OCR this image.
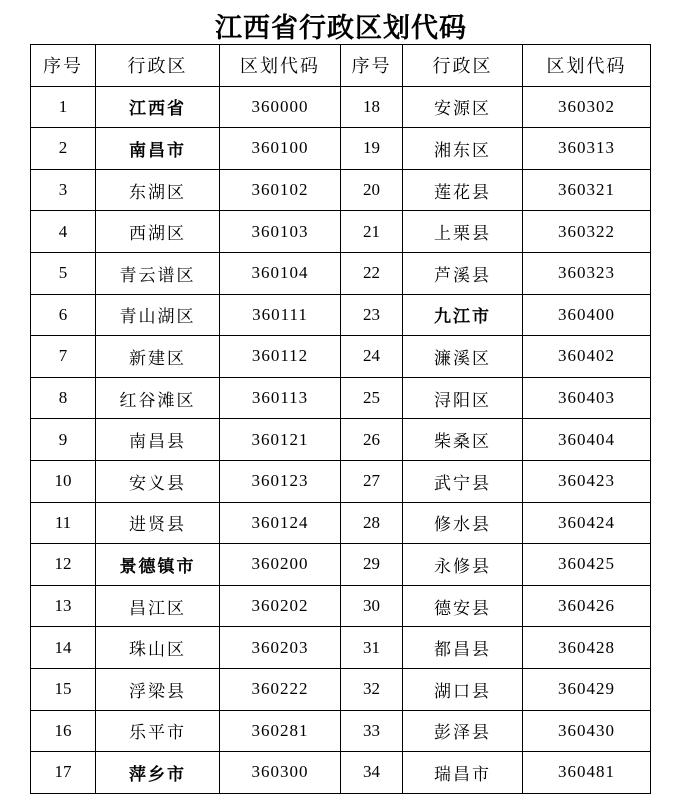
江西省行政区划代码
序号	行政区	区划代码	序号	行政区	区划代码
1	江西省	360000	18	安源区	360302
2	南昌市	360100	19	湘东区	360313
3	东湖区	360102	20	莲花县	360321
4	西湖区	360103	21	上栗县	360322
5	青云谱区	360104	22	芦溪县	360323
6	青山湖区	360111	23	九江市	360400
7	新建区	360112	24	濂溪区	360402
8	红谷滩区	360113	25	浔阳区	360403
9	南昌县	360121	26	柴桑区	360404
10	安义县	360123	27	武宁县	360423
11	进贤县	360124	28	修水县	360424
12	景德镇市	360200	29	永修县	360425
13	昌江区	360202	30	德安县	360426
14	珠山区	360203	31	都昌县	360428
15	浮梁县	360222	32	湖口县	360429
16	乐平市	360281	33	彭泽县	360430
17	萍乡市	360300	34	瑞昌市	360481
